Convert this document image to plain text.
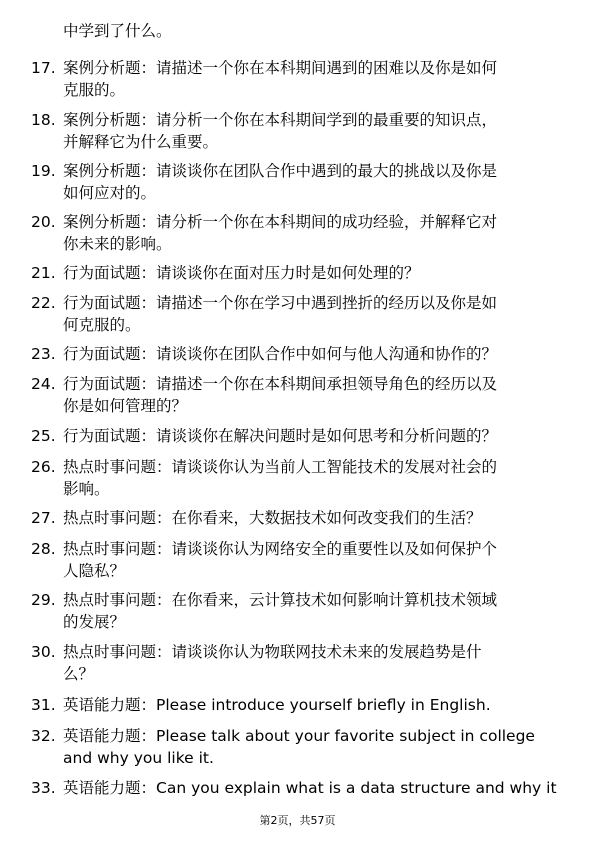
中学到了什么。
17. 案例分析题：请描述一个你在本科期间遇到的困难以及你是如何
克服的。
18. 案例分析题：请分析一个你在本科期间学到的最重要的知识点，
并解释它为什么重要。
19. 案例分析题：请谈谈你在团队合作中遇到的最大的挑战以及你是
如何应对的。
20. 案例分析题：请分析一个你在本科期间的成功经验，并解释它对
你未来的影响。
21. 行为面试题：请谈谈你在面对压力时是如何处理的？
22. 行为面试题：请描述一个你在学习中遇到挫折的经历以及你是如
何克服的。
23. 行为面试题：请谈谈你在团队合作中如何与他人沟通和协作的？
24. 行为面试题：请描述一个你在本科期间承担领导角色的经历以及
你是如何管理的？
25. 行为面试题：请谈谈你在解决问题时是如何思考和分析问题的？
26. 热点时事问题：请谈谈你认为当前人工智能技术的发展对社会的
影响。
27. 热点时事问题：在你看来，大数据技术如何改变我们的生活？
28. 热点时事问题：请谈谈你认为网络安全的重要性以及如何保护个
人隐私？
29. 热点时事问题：在你看来，云计算技术如何影响计算机技术领域
的发展？
30. 热点时事问题：请谈谈你认为物联网技术未来的发展趋势是什
么？
31. 英语能力题：Please introduce yourself briefly in English.
32. 英语能力题：Please talk about your favorite subject in college
and why you like it.
33. 英语能力题：Can you explain what is a data structure and why it
第2页，共57页
